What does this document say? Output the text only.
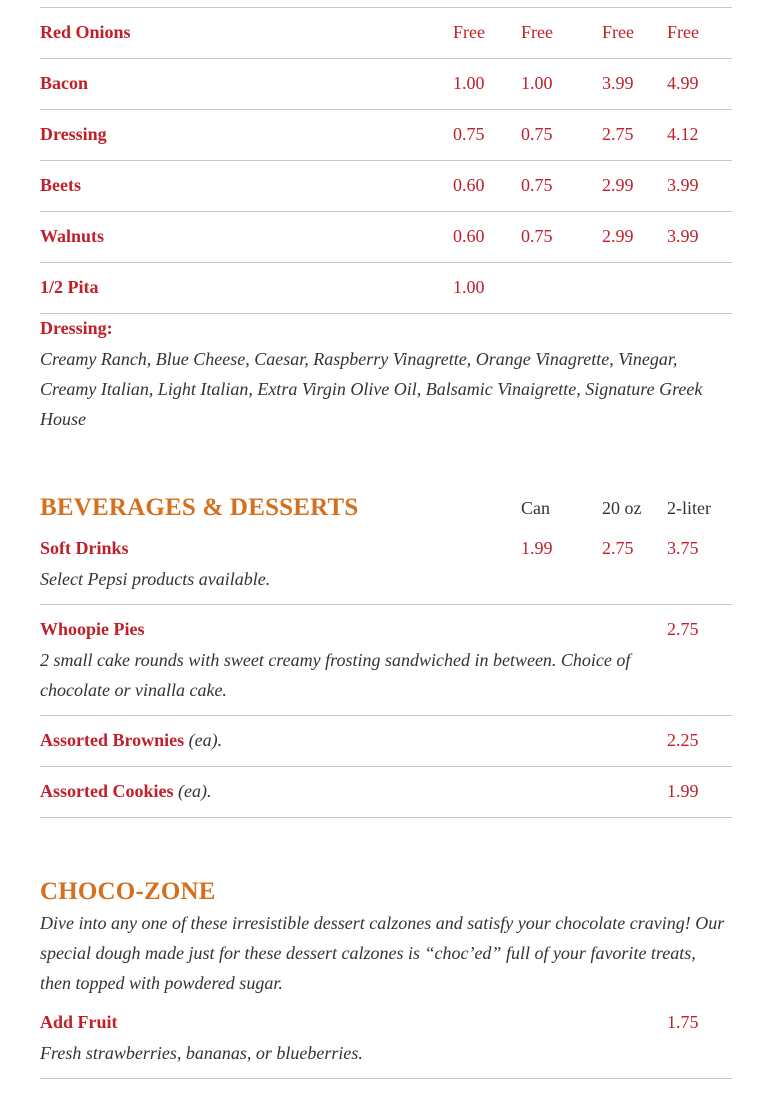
Red Onions	Free Free	Free Free
Bacon	1.00 1.00	3.99 4.99
Dressing	0.75 0.75	2.75 4.12
Beets	0.60 0.75	2.99 3.99
Walnuts	0.60 0.75	2.99 3.99
1/2 Pita	1.00
Dressing:
Creamy Ranch, Blue Cheese, Caesar, Raspberry Vinagrette, Orange Vinagrette, Vinegar, Creamy Italian, Light Italian, Extra Virgin Olive Oil, Balsamic Vinaigrette, Signature Greek House
BEVERAGES & DESSERTS	Can	20 oz 2-liter
Soft Drinks	1.99	2.75 3.75
Select Pepsi products available.
Whoopie Pies	2.75
2 small cake rounds with sweet creamy frosting sandwiched in between. Choice of chocolate or vinalla cake.
Assorted Brownies (ea).	2.25
Assorted Cookies (ea).	1.99
CHOCO-ZONE
Dive into any one of these irresistible dessert calzones and satisfy your chocolate craving! Our special dough made just for these dessert calzones is “choc’ed” full of your favorite treats, then topped with powdered sugar.
Add Fruit	1.75
Fresh strawberries, bananas, or blueberries.
